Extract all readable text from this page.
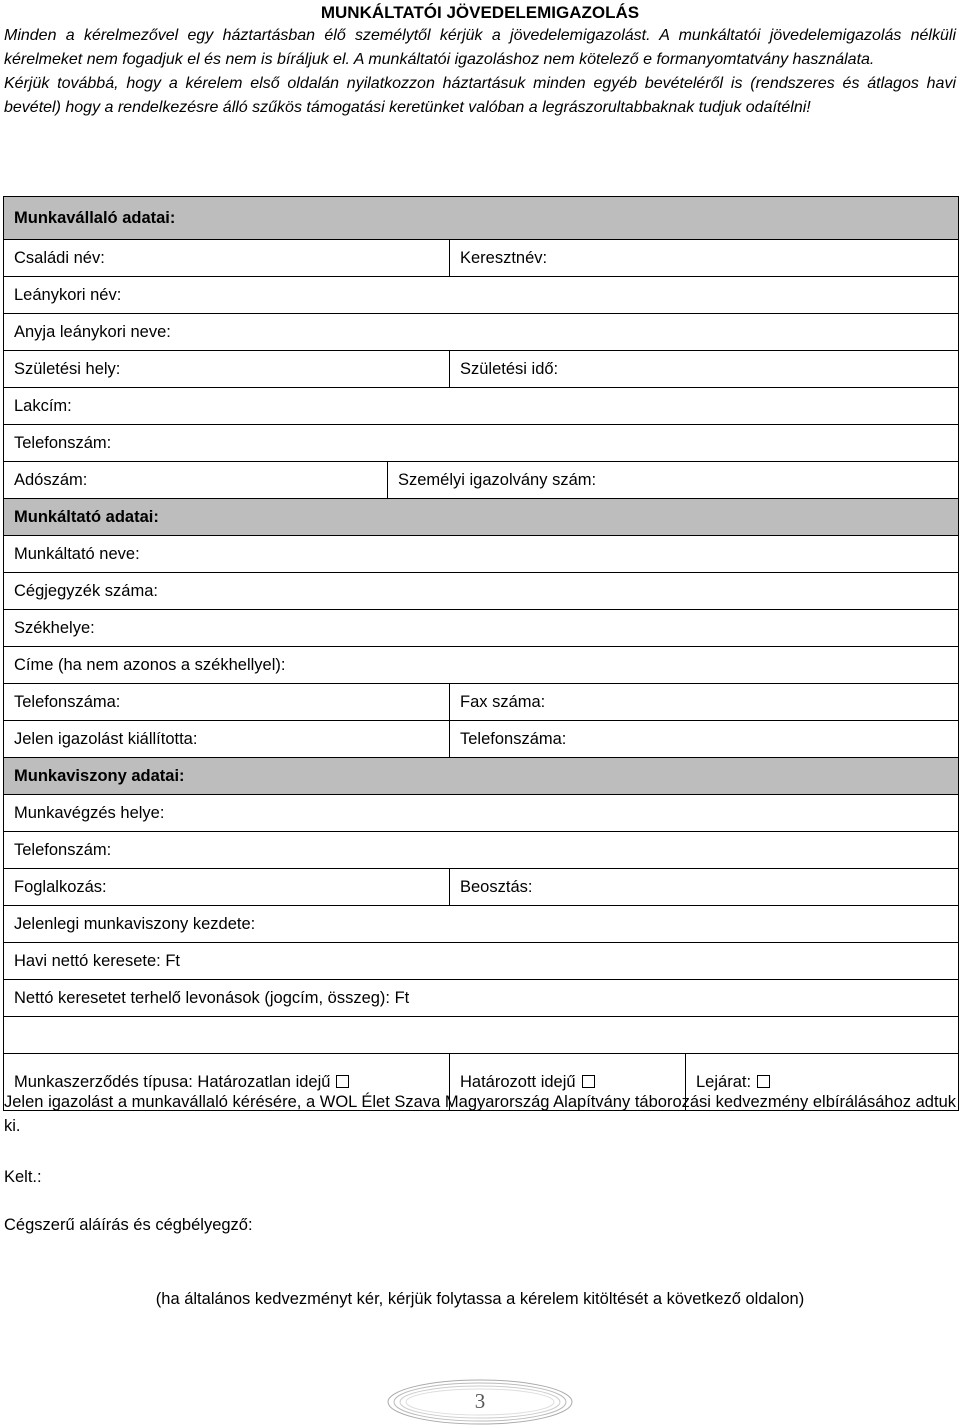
MUNKÁLTATÓI JÖVEDELEMIGAZOLÁS

Minden a kérelmezővel egy háztartásban élő személytől kérjük a jövedelemigazolást. A munkáltatói jövedelemigazolás nélküli kérelmeket nem fogadjuk el és nem is bíráljuk el. A munkáltatói igazoláshoz nem kötelező e formanyomtatvány használata.

Kérjük továbbá, hogy a kérelem első oldalán nyilatkozzon háztartásuk minden egyéb bevételéről is (rendszeres és átlagos havi bevétel) hogy a rendelkezésre álló szűkös támogatási keretünket valóban a legrászorultabbaknak tudjuk odaítélni!

Munkavállaló adatai:			
Családi név:		Keresztnév:	
Leánykori név:			
Anyja leánykori neve:			
Születési hely:		Születési idő:	
Lakcím:			
Telefonszám:			
Adószám:	Személyi igazolvány szám:		
Munkáltató adatai:			
Munkáltató neve:			
Cégjegyzék száma:			
Székhelye:			
Címe (ha nem azonos a székhellyel):			
Telefonszáma:		Fax száma:	
Jelen igazolást kiállította:		Telefonszáma:	
Munkaviszony adatai:			
Munkavégzés helye:			
Telefonszám:			
Foglalkozás:		Beosztás:	
Jelenlegi munkaviszony kezdete:			
Havi nettó keresete: Ft			
Nettó keresetet terhelő levonások (jogcím, összeg): Ft			

Munkaszerződés típusa: Határozatlan idejű		Határozott idejű	Lejárat:
Jelen igazolást a munkavállaló kérésére, a WOL Élet Szava Magyarország Alapítvány táborozási kedvezmény elbírálásához adtuk ki.
Kelt.:
Cégszerű aláírás és cégbélyegző:
(ha általános kedvezményt kér, kérjük folytassa a kérelem kitöltését a következő oldalon)
3
